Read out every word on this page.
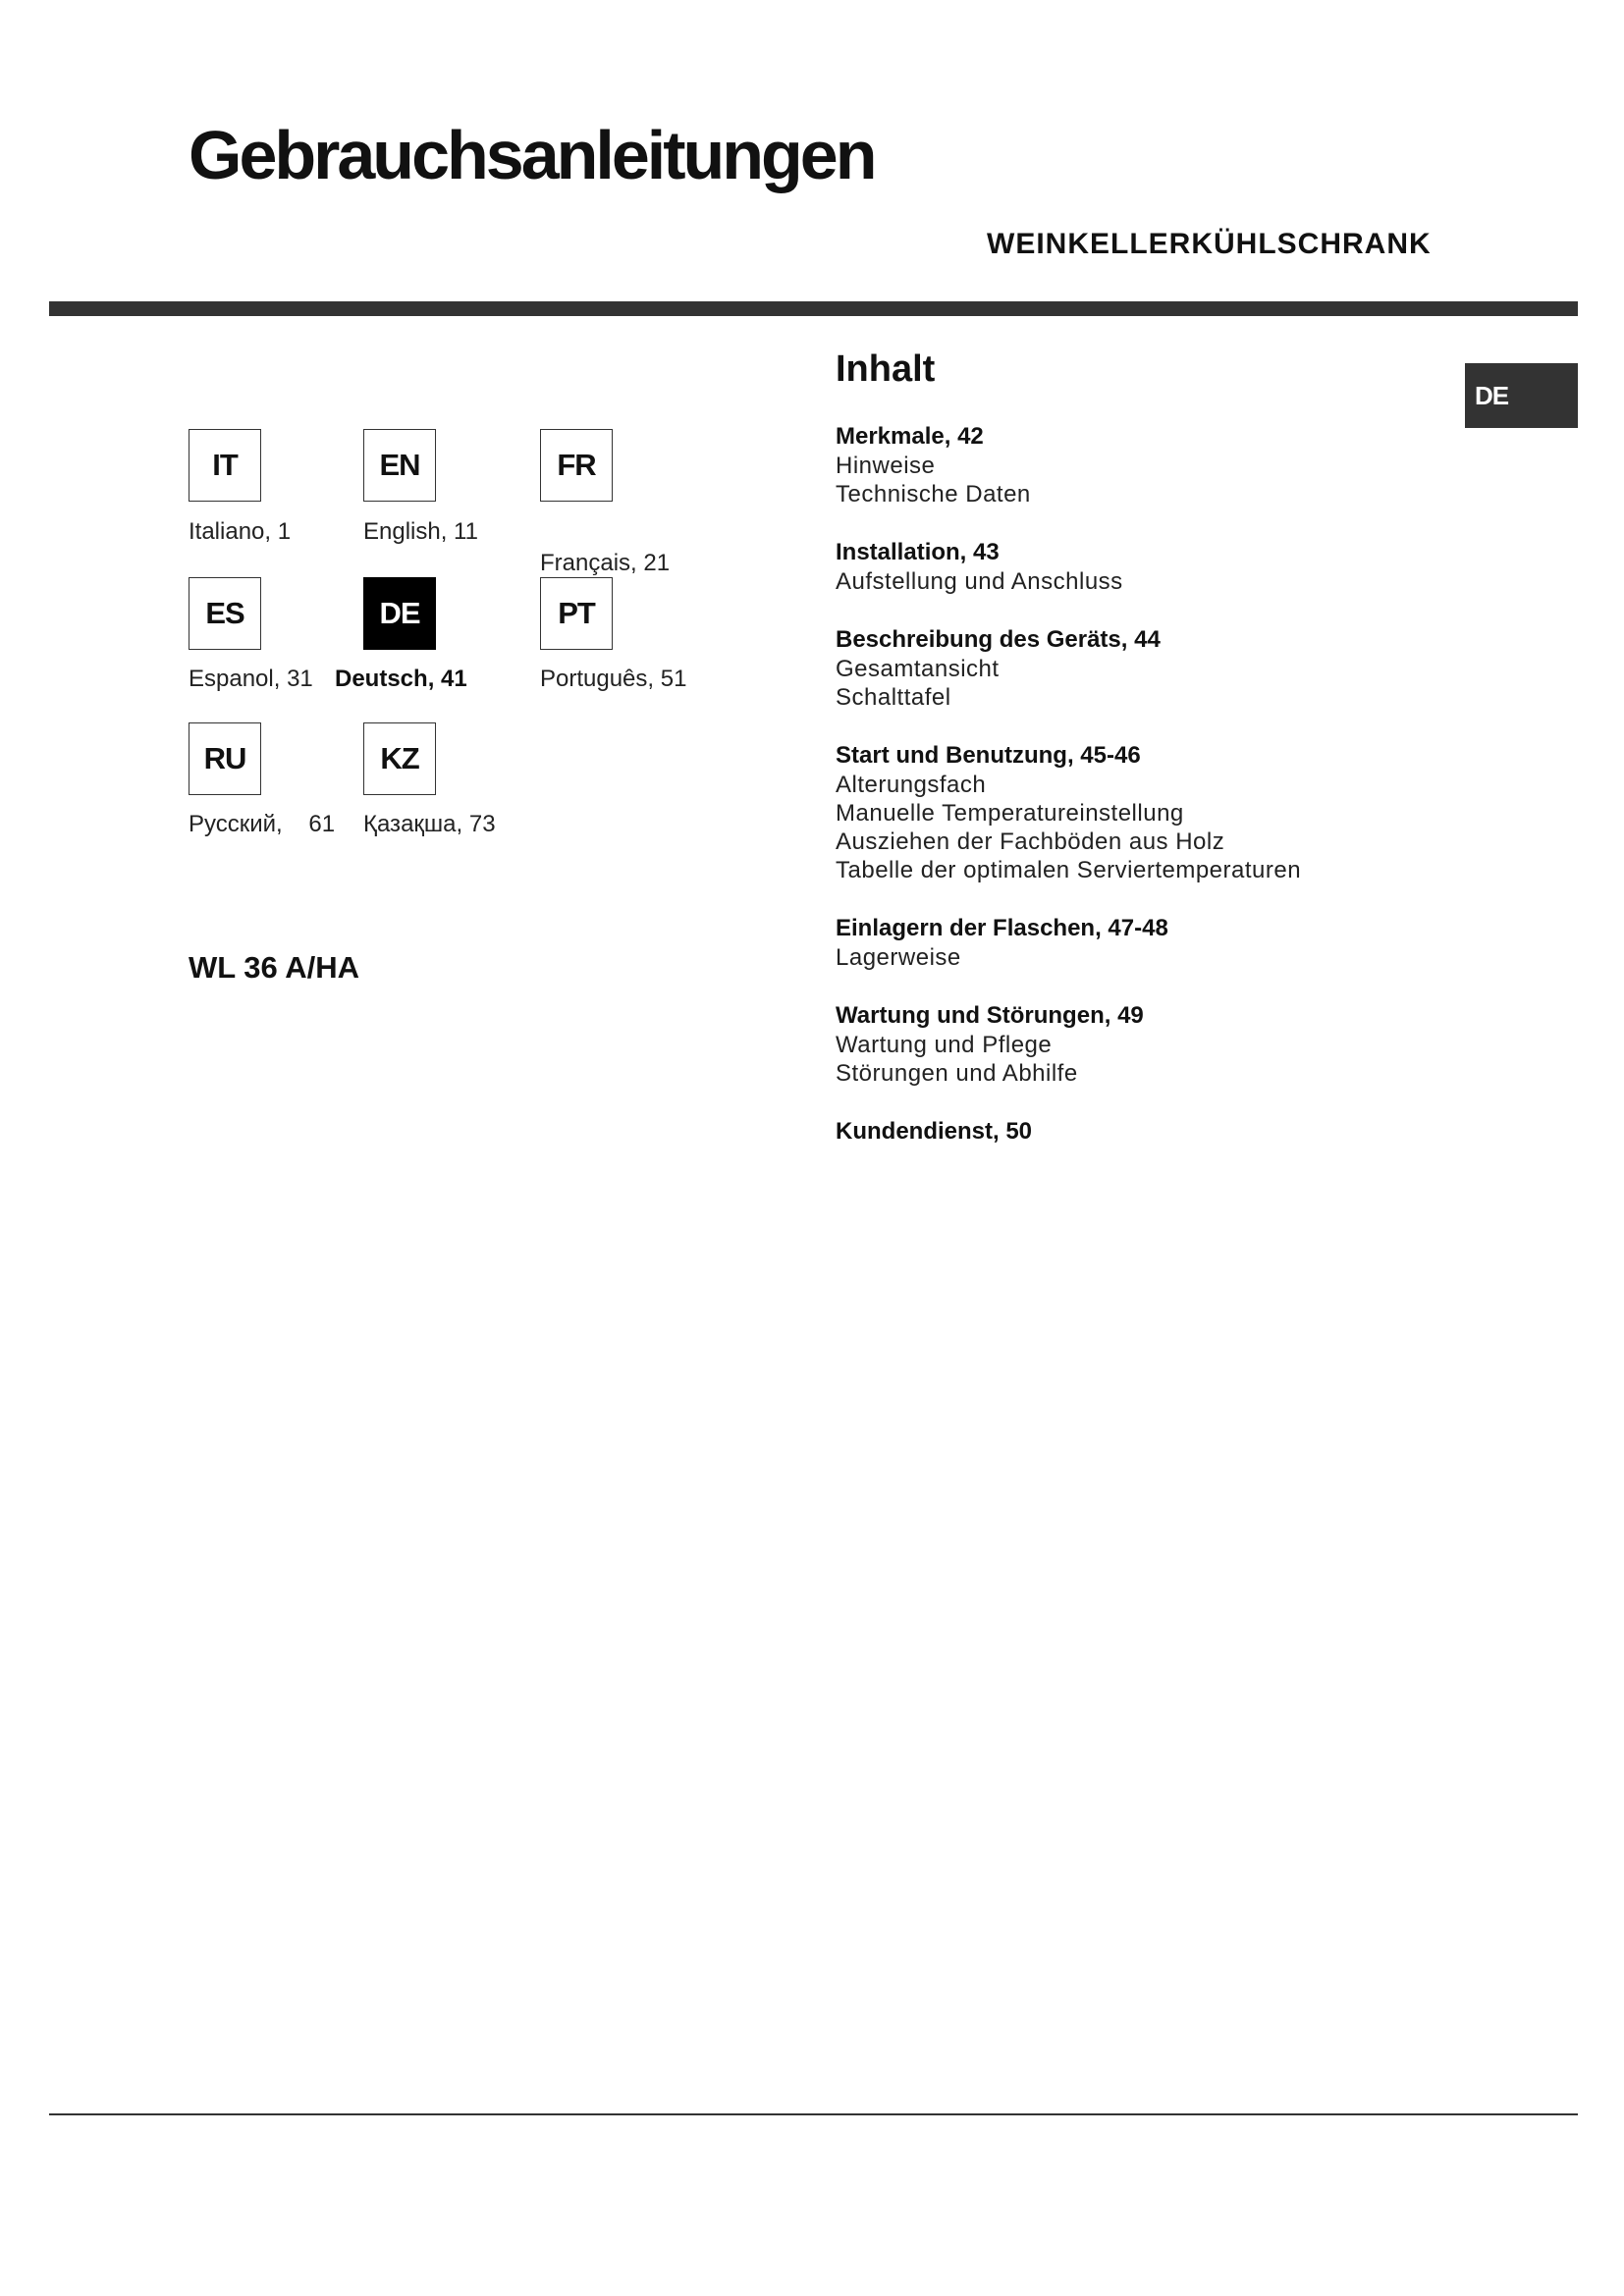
Gebrauchsanleitungen
WEINKELLERKÜHLSCHRANK
IT
Italiano, 1
EN
English, 11
FR
Français, 21
ES
Espanol, 31
DE
Deutsch, 41
PT
Português, 51
RU
Русский,    61
KZ
Қазақша, 73
WL 36 A/HA
Inhalt
Merkmale, 42
Hinweise
Technische Daten
Installation, 43
Aufstellung und Anschluss
Beschreibung des Geräts, 44
Gesamtansicht
Schalttafel
Start und Benutzung, 45-46
Alterungsfach
Manuelle Temperatureinstellung
Ausziehen der Fachböden aus Holz
Tabelle der optimalen Serviertemperaturen
Einlagern der Flaschen, 47-48
Lagerweise
Wartung und Störungen, 49
Wartung und Pflege
Störungen und Abhilfe
Kundendienst, 50
DE
